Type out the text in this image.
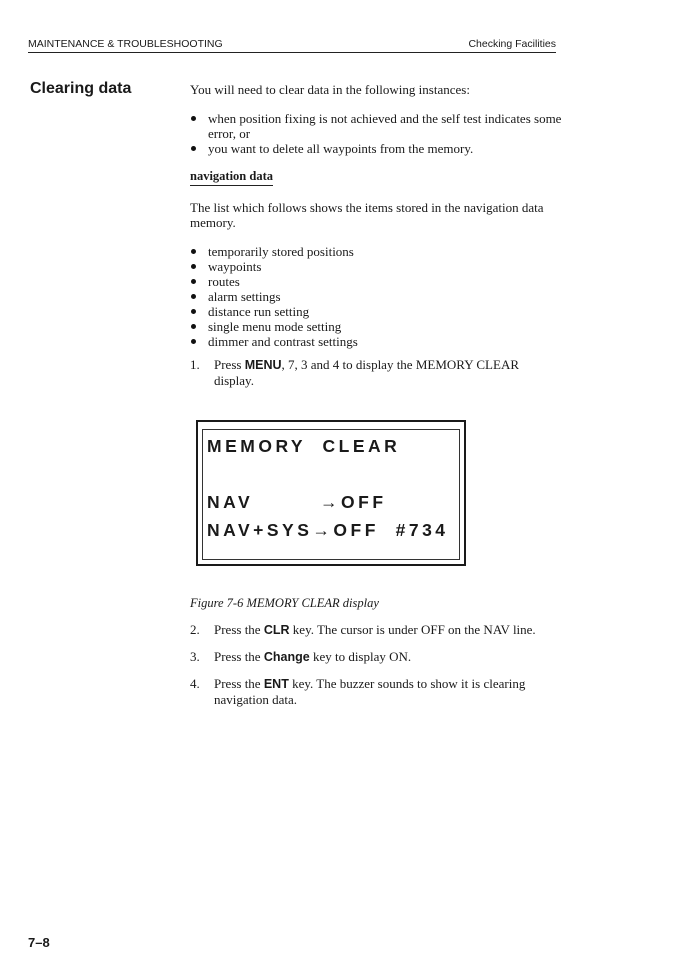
MAINTENANCE & TROUBLESHOOTING	Checking Facilities
Clearing data	You will need to clear data in the following instances:

when position fixing is not achieved and the self test indicates some error, or
you want to delete all waypoints from the memory.
navigation data

The list which follows shows the items stored in the navigation data memory.

temporarily stored positions
waypoints
routes
alarm settings
distance run setting
single menu mode setting
dimmer and contrast settings
1. Press MENU, 7, 3 and 4 to display the MEMORY CLEAR display.
MEMORY  CLEAR
NAV        →OFF
NAV+SYS→OFF  #734
Figure 7-6 MEMORY CLEAR display
2. Press the CLR key. The cursor is under OFF on the NAV line.
3. Press the Change key to display ON.
4. Press the ENT key. The buzzer sounds to show it is clearing navigation data.
7–8
